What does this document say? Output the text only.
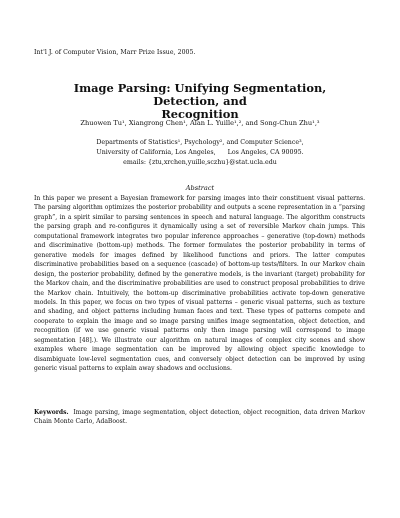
Int'l J. of Computer Vision, Marr Prize Issue, 2005.
Image Parsing: Unifying Segmentation, Detection, and
Recognition
Zhuowen Tu¹, Xiangrong Chen¹, Alan L. Yuille¹,², and Song-Chun Zhu¹,³
Departments of Statistics¹, Psychology², and Computer Science³,
University of California, Los Angeles,      Los Angeles, CA 90095.
emails: {ztu,xrchen,yuille,sczhu}@stat.ucla.edu
Abstract

In this paper we present a Bayesian framework for parsing images into their constituent visual patterns. The parsing algorithm optimizes the posterior probability and outputs a scene representation in a “parsing graph”, in a spirit similar to parsing sentences in speech and natural language. The algorithm constructs the parsing graph and re-configures it dynamically using a set of reversible Markov chain jumps. This computational framework integrates two popular inference approaches – generative (top-down) methods and discriminative (bottom-up) methods. The former formulates the posterior probability in terms of generative models for images defined by likelihood functions and priors. The latter computes discriminative probabilities based on a sequence (cascade) of bottom-up tests/filters. In our Markov chain design, the posterior probability, defined by the generative models, is the invariant (target) probability for the Markov chain, and the discriminative probabilities are used to construct proposal probabilities to drive the Markov chain. Intuitively, the bottom-up discriminative probabilities activate top-down generative models. In this paper, we focus on two types of visual patterns – generic visual patterns, such as texture and shading, and object patterns including human faces and text. These types of patterns compete and cooperate to explain the image and so image parsing unifies image segmentation, object detection, and recognition (if we use generic visual patterns only then image parsing will correspond to image segmentation [48].). We illustrate our algorithm on natural images of complex city scenes and show examples where image segmentation can be improved by allowing object specific knowledge to disambiguate low-level segmentation cues, and conversely object detection can be improved by using generic visual patterns to explain away shadows and occlusions.

Keywords. Image parsing, image segmentation, object detection, object recognition, data driven Markov Chain Monte Carlo, AdaBoost.
